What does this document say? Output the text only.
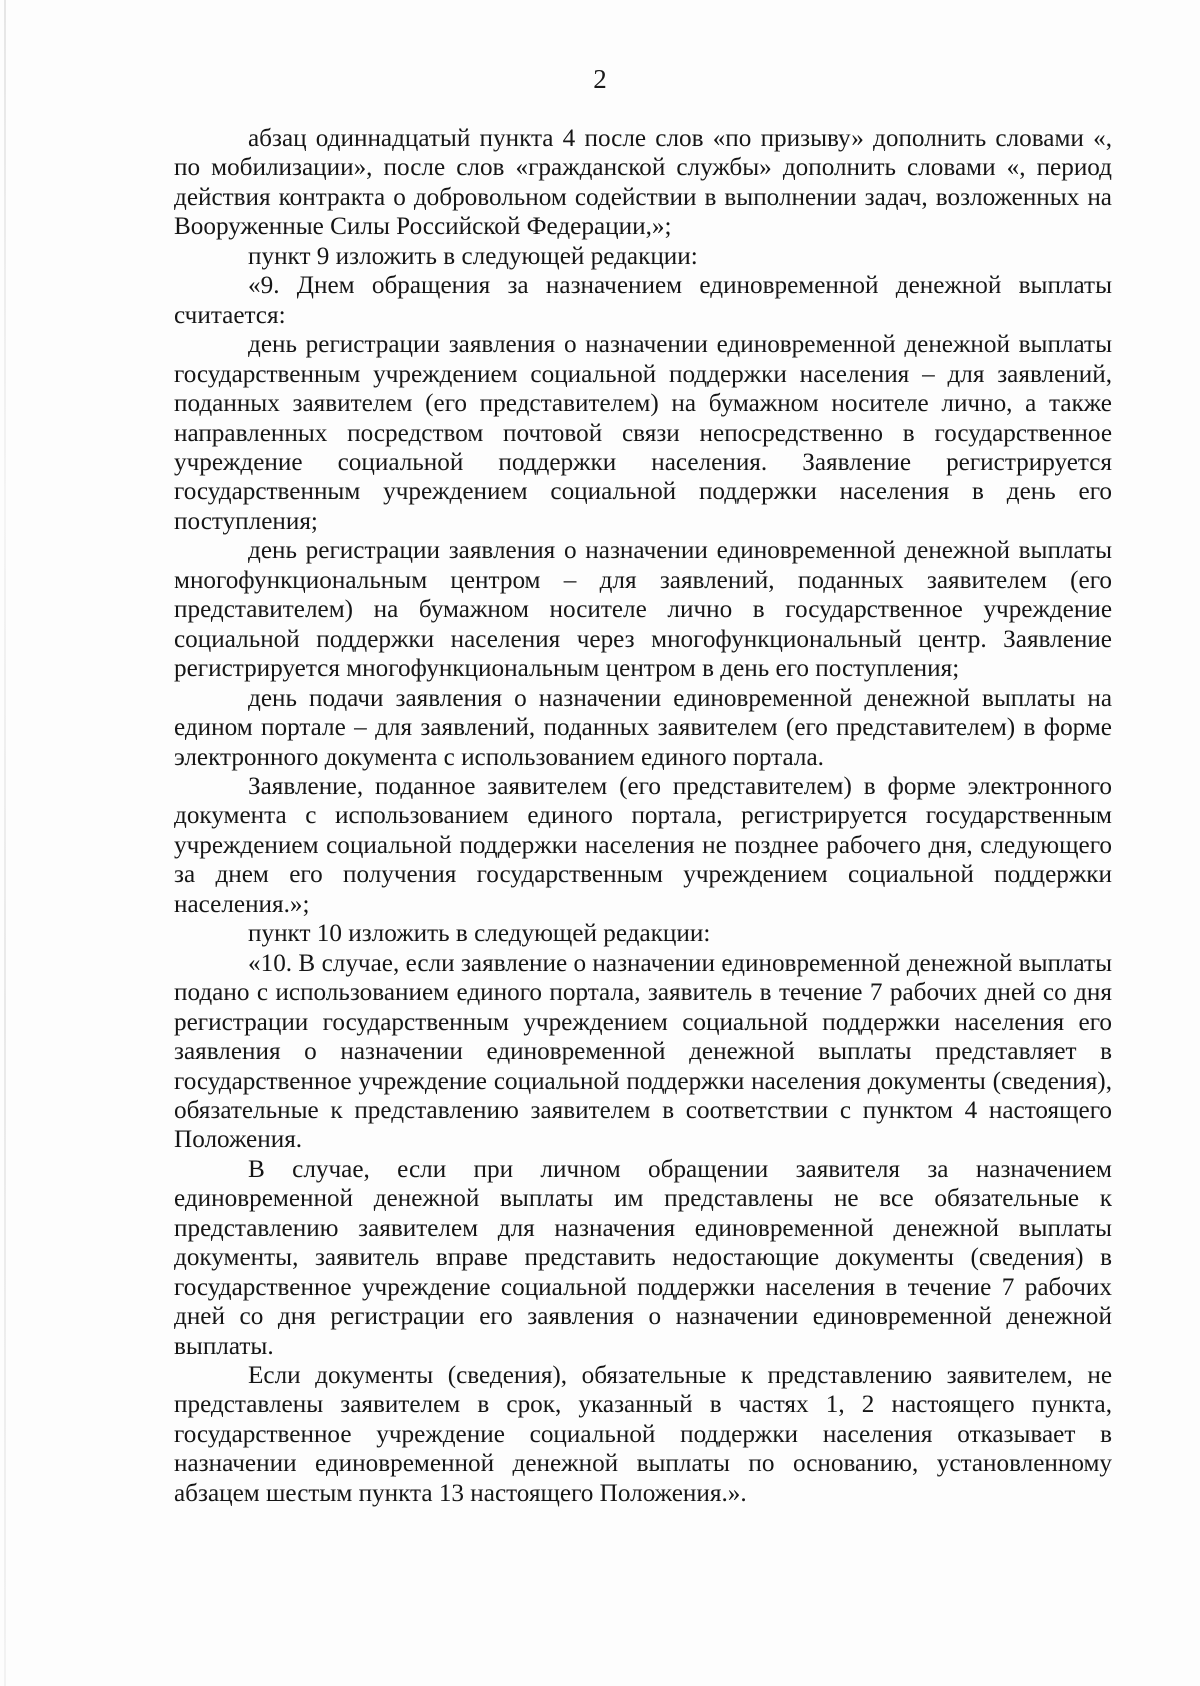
2

абзац одиннадцатый пункта 4 после слов «по призыву» дополнить словами «, по мобилизации», после слов «гражданской службы» дополнить словами «, период действия контракта о добровольном содействии в выполнении задач, возложенных на Вооруженные Силы Российской Федерации,»;

пункт 9 изложить в следующей редакции:

«9. Днем обращения за назначением единовременной денежной выплаты считается:

день регистрации заявления о назначении единовременной денежной выплаты государственным учреждением социальной поддержки населения – для заявлений, поданных заявителем (его представителем) на бумажном носителе лично, а также направленных посредством почтовой связи непосредственно в государственное учреждение социальной поддержки населения. Заявление регистрируется государственным учреждением социальной поддержки населения в день его поступления;

день регистрации заявления о назначении единовременной денежной выплаты многофункциональным центром – для заявлений, поданных заявителем (его представителем) на бумажном носителе лично в государственное учреждение социальной поддержки населения через многофункциональный центр. Заявление регистрируется многофункциональным центром в день его поступления;

день подачи заявления о назначении единовременной денежной выплаты на едином портале – для заявлений, поданных заявителем (его представителем) в форме электронного документа с использованием единого портала.

Заявление, поданное заявителем (его представителем) в форме электронного документа с использованием единого портала, регистрируется государственным учреждением социальной поддержки населения не позднее рабочего дня, следующего за днем его получения государственным учреждением социальной поддержки населения.»;

пункт 10 изложить в следующей редакции:

«10. В случае, если заявление о назначении единовременной денежной выплаты подано с использованием единого портала, заявитель в течение 7 рабочих дней со дня регистрации государственным учреждением социальной поддержки населения его заявления о назначении единовременной денежной выплаты представляет в государственное учреждение социальной поддержки населения документы (сведения), обязательные к представлению заявителем в соответствии с пунктом 4 настоящего Положения.

В случае, если при личном обращении заявителя за назначением единовременной денежной выплаты им представлены не все обязательные к представлению заявителем для назначения единовременной денежной выплаты документы, заявитель вправе представить недостающие документы (сведения) в государственное учреждение социальной поддержки населения в течение 7 рабочих дней со дня регистрации его заявления о назначении единовременной денежной выплаты.

Если документы (сведения), обязательные к представлению заявителем, не представлены заявителем в срок, указанный в частях 1, 2 настоящего пункта, государственное учреждение социальной поддержки населения отказывает в назначении единовременной денежной выплаты по основанию, установленному абзацем шестым пункта 13 настоящего Положения.».
